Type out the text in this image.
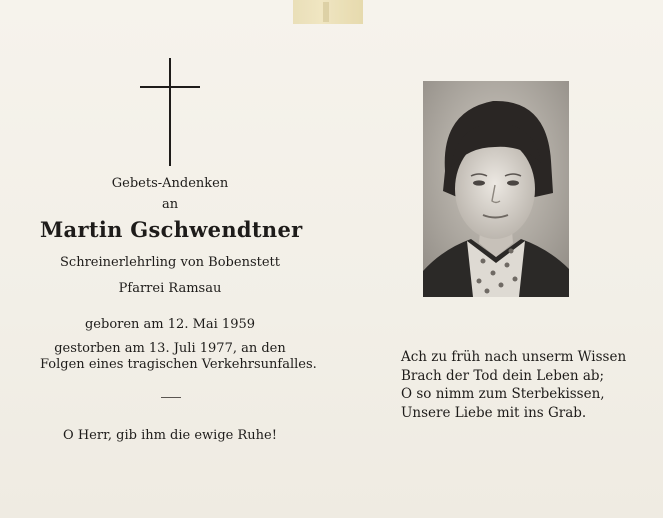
Gebets-Andenken
an
Martin Gschwendtner
Schreinerlehrling von Bobenstett
Pfarrei Ramsau
geboren am 12. Mai 1959
gestorben am 13. Juli 1977, an den
Folgen eines tragischen Verkehrsunfalles.
O Herr, gib ihm die ewige Ruhe!
Ach zu früh nach unserm Wissen
Brach der Tod dein Leben ab;
O so nimm zum Sterbekissen,
Unsere Liebe mit ins Grab.
